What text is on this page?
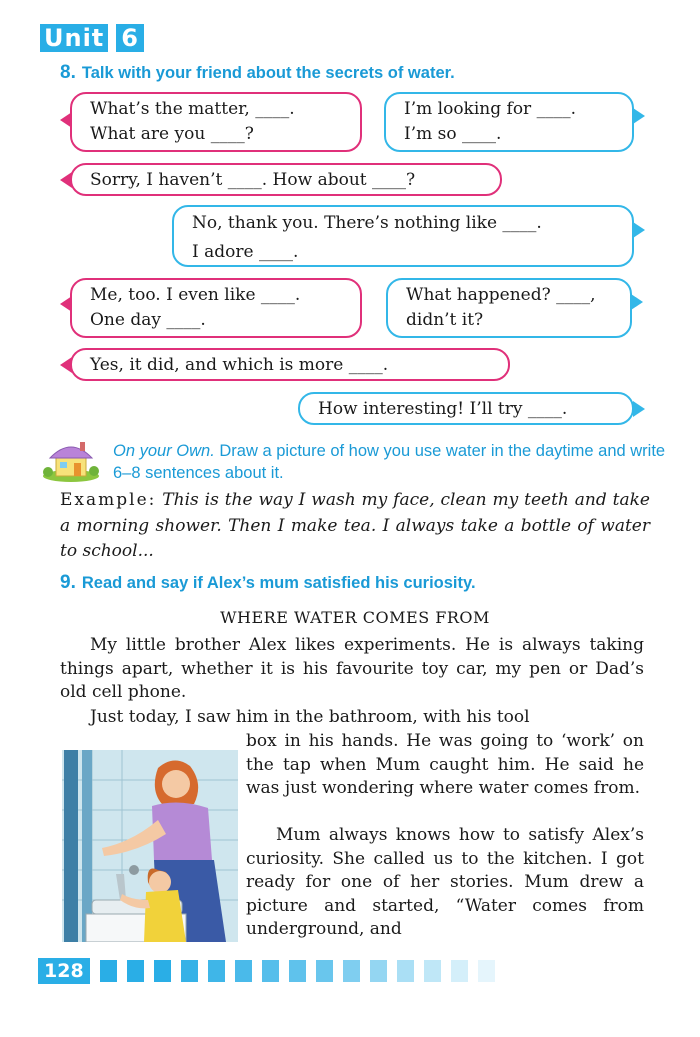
Unit 6
8. Talk with your friend about the secrets of water.
What’s the matter, ____.
What are you ____?
I’m looking for ____.
I’m so ____.
Sorry, I haven’t ____. How about ____?
No, thank you. There’s nothing like ____.
I adore ____.
Me, too. I even like ____.
One day ____.
What happened? ____,
didn’t it?
Yes, it did, and which is more ____.
How interesting! I’ll try ____.
On your Own. Draw a picture of how you use water in the daytime and write 6–8 sentences about it.
Example: This is the way I wash my face, clean my teeth and take a morning shower. Then I make tea. I always take a bottle of water to school...
9. Read and say if Alex’s mum satisfied his curiosity.
WHERE WATER COMES FROM
My little brother Alex likes experiments. He is always taking things apart, whether it is his favourite toy car, my pen or Dad’s old cell phone.
Just today, I saw him in the bathroom, with his tool
box in his hands. He was going to ‘work’ on the tap when Mum caught him. He said he was just wondering where water comes from.
Mum always knows how to satisfy Alex’s curiosity. She called us to the kitchen. I got ready for one of her stories. Mum drew a picture and started, “Water comes from underground, and
128
